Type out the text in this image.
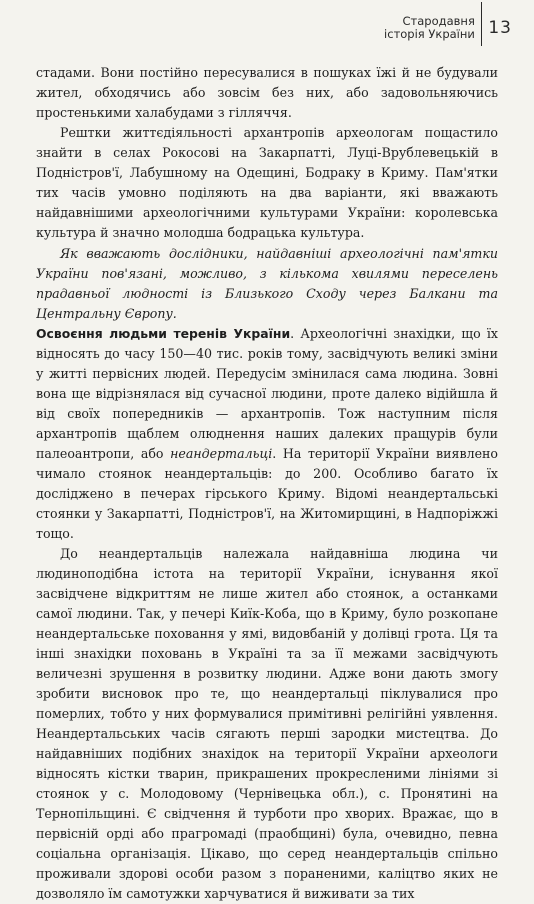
Стародавня
історія України 13

стадами. Вони постійно пересувалися в пошуках їжі й не будували жител, обходячись або зовсім без них, або задовольняючись простенькими халабудами з гілляччя.

Рештки життєдіяльності архантропів археологам пощастило знайти в селах Рокосові на Закарпатті, Луці-Врублевецькій в Подністров'ї, Лабушному на Одещині, Бодраку в Криму. Пам'ятки тих часів умовно поділяють на два варіанти, які вважають найдавнішими археологічними культурами України: королевська культура й значно молодша бодрацька культура.

Як вважають дослідники, найдавніші археологічні пам'ятки України пов'язані, можливо, з кількома хвилями переселень прадавньої людності із Близького Сходу через Балкани та Центральну Європу.

Освоєння людьми теренів України. Археологічні знахідки, що їх відносять до часу 150—40 тис. років тому, засвідчують великі зміни у житті первісних людей. Передусім змінилася сама людина. Зовні вона ще відрізнялася від сучасної людини, проте далеко відійшла й від своїх попередників — архантропів. Тож наступним після архантропів щаблем олюднення наших далеких пращурів були палеоантропи, або неандертальці. На території України виявлено чимало стоянок неандертальців: до 200. Особливо багато їх досліджено в печерах гірського Криму. Відомі неандертальські стоянки у Закарпатті, Подністров'ї, на Житомирщині, в Надпоріжжі тощо.

До неандертальців належала найдавніша людина чи людиноподібна істота на території України, існування якої засвідчене відкриттям не лише жител або стоянок, а останками самої людини. Так, у печері Киїк-Коба, що в Криму, було розкопане неандертальське поховання у ямі, видовбаній у долівці грота. Ця та інші знахідки поховань в Україні та за її межами засвідчують величезні зрушення в розвитку людини. Адже вони дають змогу зробити висновок про те, що неандертальці піклувалися про померлих, тобто у них формувалися примітивні релігійні уявлення. Неандертальських часів сягають перші зародки мистецтва. До найдавніших подібних знахідок на території України археологи відносять кістки тварин, прикрашених прокресленими лініями зі стоянок у с. Молодовому (Чернівецька обл.), с. Пронятині на Тернопільщині. Є свідчення й турботи про хворих. Вражає, що в первісній орді або прагромаді (праобщині) була, очевидно, певна соціальна організація. Цікаво, що серед неандертальців спільно проживали здорові особи разом з пораненими, каліцтво яких не дозволяло їм самотужки харчуватися й виживати за тих
